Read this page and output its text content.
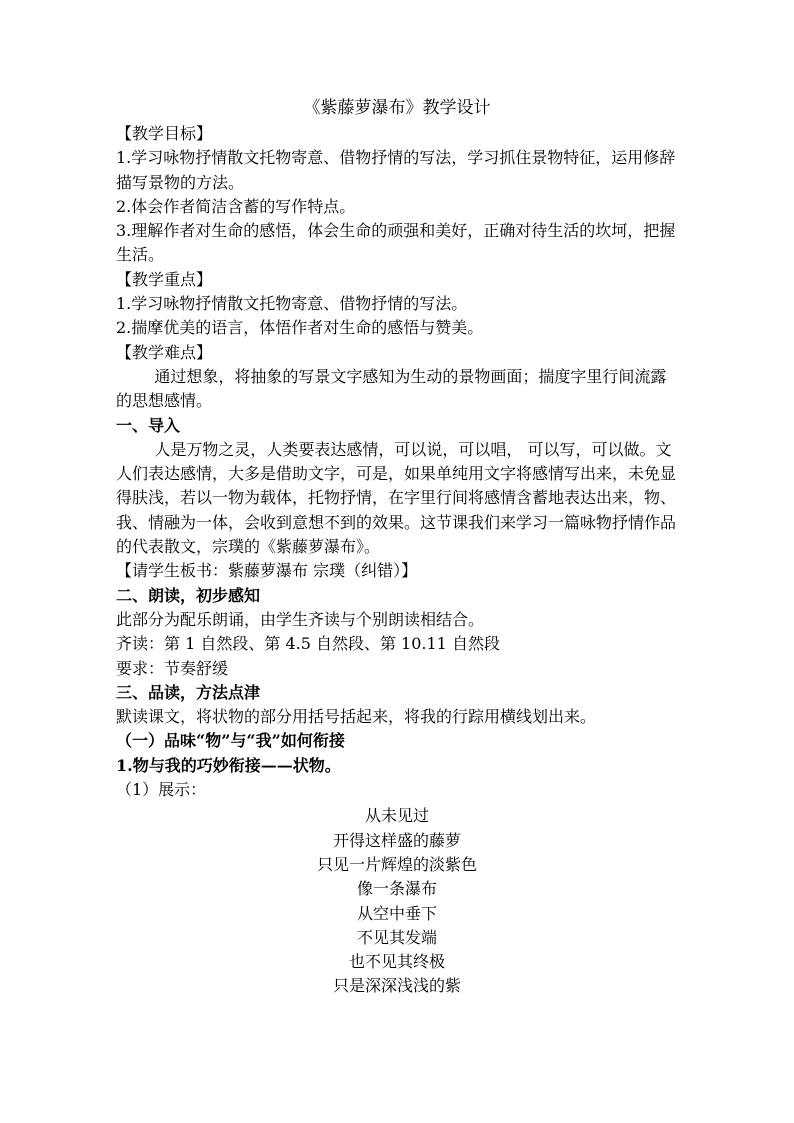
《紫藤萝瀑布》教学设计

【教学目标】

1.学习咏物抒情散文托物寄意、借物抒情的写法，学习抓住景物特征，运用修辞描写景物的方法。

2.体会作者简洁含蓄的写作特点。

3.理解作者对生命的感悟，体会生命的顽强和美好，正确对待生活的坎坷，把握生活。

【教学重点】

1.学习咏物抒情散文托物寄意、借物抒情的写法。

2.揣摩优美的语言，体悟作者对生命的感悟与赞美。

【教学难点】

通过想象，将抽象的写景文字感知为生动的景物画面；揣度字里行间流露的思想感情。

一、导入

人是万物之灵，人类要表达感情，可以说，可以唱， 可以写，可以做。文人们表达感情，大多是借助文字，可是，如果单纯用文字将感情写出来，未免显得肤浅，若以一物为载体，托物抒情，在字里行间将感情含蓄地表达出来，物、我、情融为一体，会收到意想不到的效果。这节课我们来学习一篇咏物抒情作品的代表散文，宗璞的《紫藤萝瀑布》。

【请学生板书：紫藤萝瀑布 宗璞（纠错）】

二、朗读，初步感知

此部分为配乐朗诵，由学生齐读与个别朗读相结合。

齐读：第 1 自然段、第 4.5 自然段、第 10.11 自然段

要求：节奏舒缓

三、品读，方法点津

默读课文，将状物的部分用括号括起来，将我的行踪用横线划出来。

（一）品味“物”与“我”如何衔接

1.物与我的巧妙衔接——状物。

（1）展示：

从未见过
开得这样盛的藤萝
只见一片辉煌的淡紫色
像一条瀑布
从空中垂下
不见其发端
也不见其终极
只是深深浅浅的紫
